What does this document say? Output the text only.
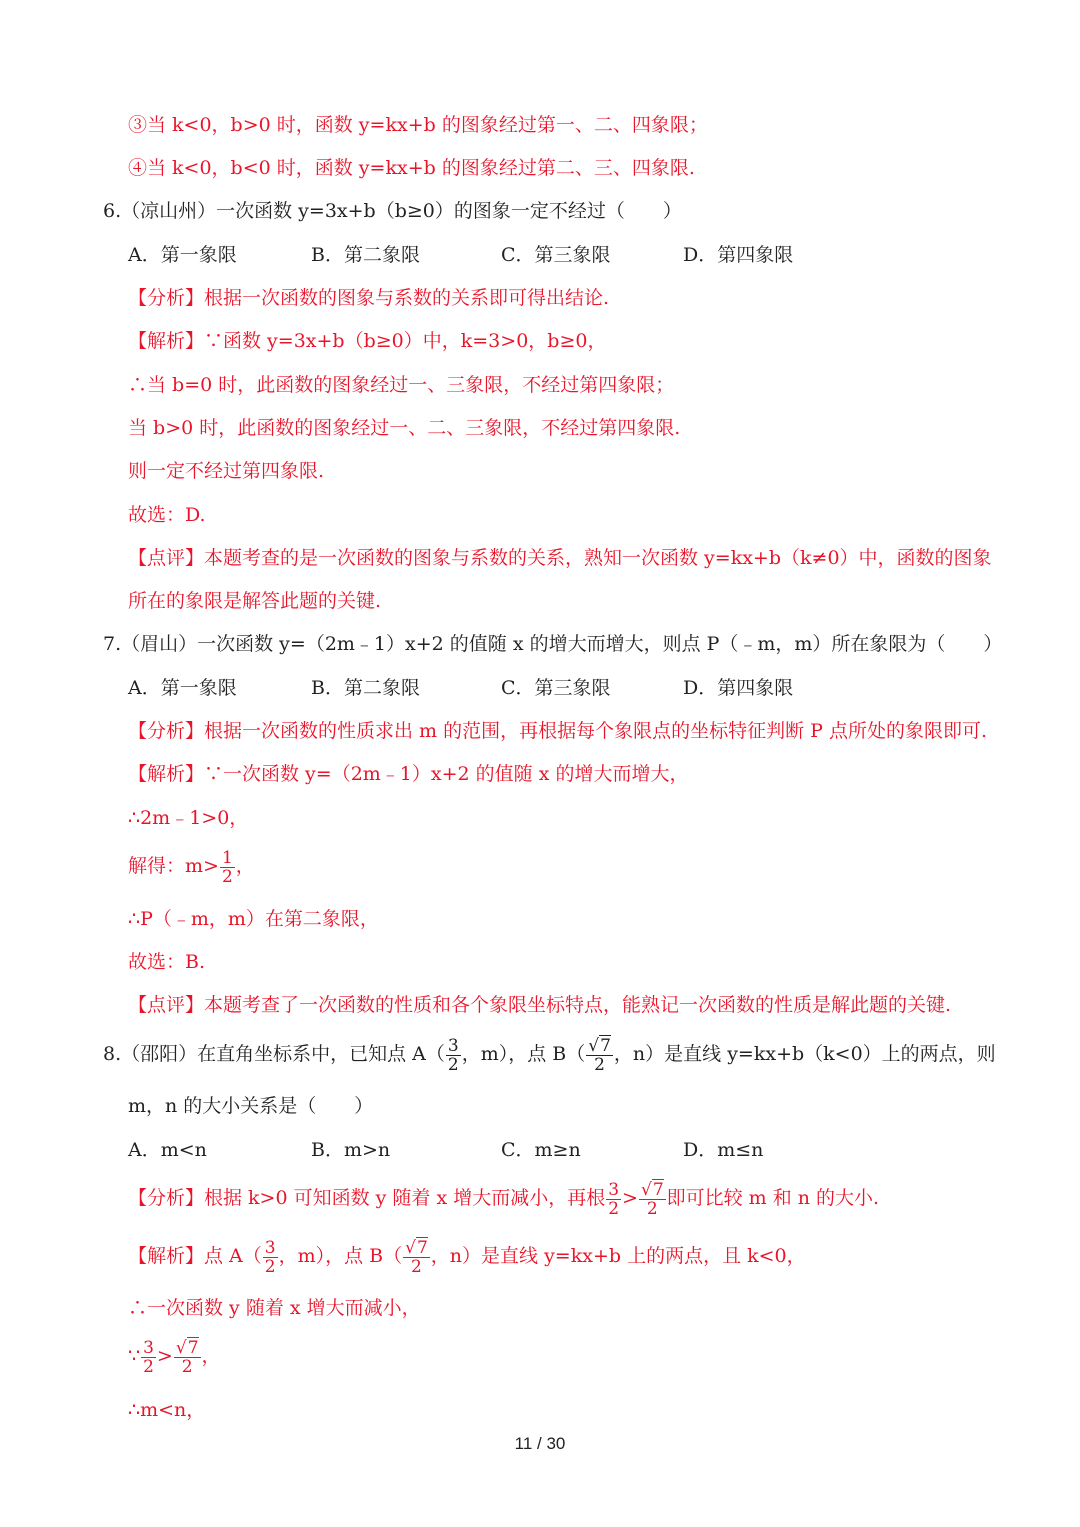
③当 k<0，b>0 时，函数 y=kx+b 的图象经过第一、二、四象限；
④当 k<0，b<0 时，函数 y=kx+b 的图象经过第二、三、四象限.
6.（凉山州）一次函数 y=3x+b（b≥0）的图象一定不经过（　　）
A．第一象限	B．第二象限	C．第三象限	D．第四象限
【分析】根据一次函数的图象与系数的关系即可得出结论.
【解析】∵函数 y=3x+b（b≥0）中，k=3>0，b≥0，
∴当 b=0 时，此函数的图象经过一、三象限，不经过第四象限；
当 b>0 时，此函数的图象经过一、二、三象限，不经过第四象限.
则一定不经过第四象限.
故选：D.
【点评】本题考查的是一次函数的图象与系数的关系，熟知一次函数 y=kx+b（k≠0）中，函数的图象
所在的象限是解答此题的关键.
7.（眉山）一次函数 y=（2m﹣1）x+2 的值随 x 的增大而增大，则点 P（﹣m，m）所在象限为（　　）
A．第一象限	B．第二象限	C．第三象限	D．第四象限
【分析】根据一次函数的性质求出 m 的范围，再根据每个象限点的坐标特征判断 P 点所处的象限即可.
【解析】∵一次函数 y=（2m﹣1）x+2 的值随 x 的增大而增大，
∴2m﹣1>0，
解得：$m> \frac{1}{2}$ ，
∴P（﹣m，m）在第二象限，
故选：B.
【点评】本题考查了一次函数的性质和各个象限坐标特点，能熟记一次函数的性质是解此题的关键.
8.（邵阳）在直角坐标系中，已知点 $A( \frac{3}{2}$ ，m），点 $B( \frac{√7}{2}$ ，n）是直线 y=kx+b（k<0）上的两点，则
m，n 的大小关系是（　　）
A．m<n	B．m>n	C．m≥n	D．m≤n
【分析】根据 k>0 可知函数 y 随着 x 增大而减小，再根 $\frac{3}{2} > \frac{√7}{2}$ 即可比较 m 和 n 的大小.
【解析】点 $A( \frac{3}{2}$ ，m），点 $B( \frac{√7}{2}$ ，n）是直线 y=kx+b 上的两点，且 k<0，
∴一次函数 y 随着 x 增大而减小，
∵ $\frac{3}{2} > \frac{√7}{2}$ ，
∴m<n，
11 / 30
